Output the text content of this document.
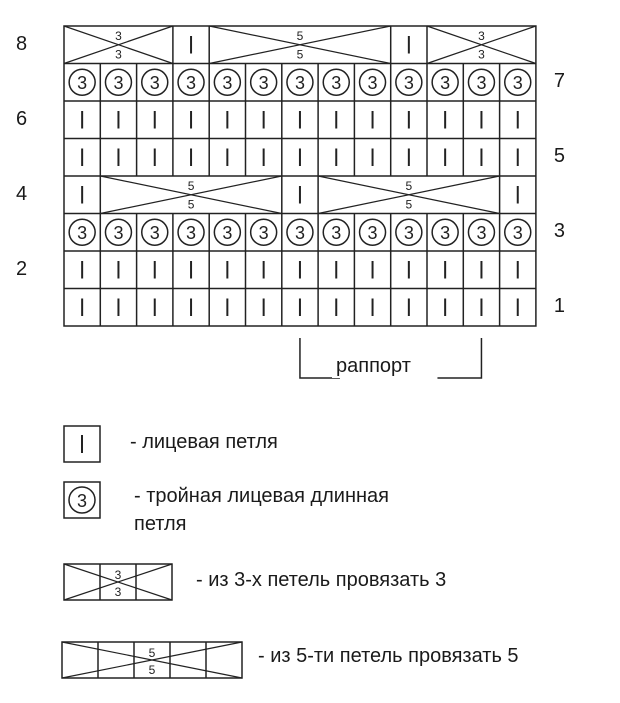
3 3 3 3 3 3 3 3 3 3 3 3 3
5
5
5
5
3 3 3 3 3 3 3 3 3 3 3 3 3
3
3
5
5
3
3
1
2
3
4
5
6
7
8
раппорт
3
3
3
5
5
- лицевая петля
- тройная лицевая длинная
петля
- из 3-х петель провязать 3
- из 5-ти петель провязать 5
